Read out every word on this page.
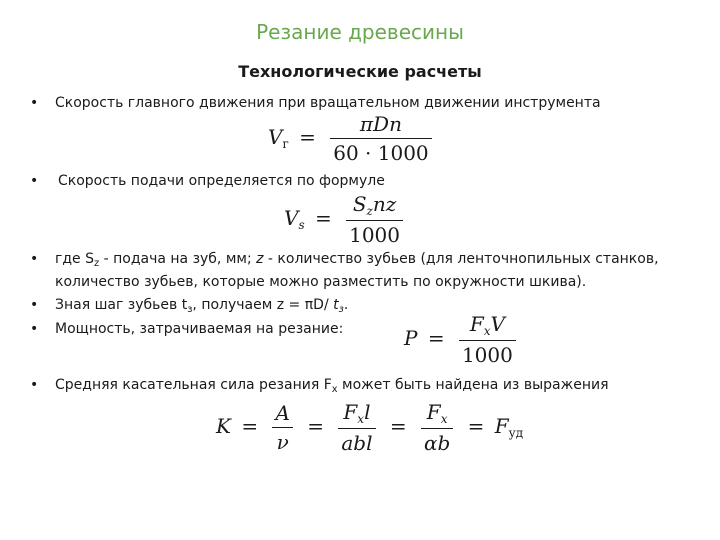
Резание древесины
Технологические расчеты
• Скорость главного движения при вращательном движении инструмента
$V_г = \frac{\text{πDn}}{60 \cdot 1000}$
• Скорость подачи определяется по формуле
$V_s = \frac{S_znz}{1000}$
• где $S_z$ - подача на зуб, мм; z - количество зубьев (для ленточнопильных станков,
количество зубьев, которые можно разместить по окружности шкива).
• Зная шаг зубьев $t_з$, получаем z = πD/ $t_з$.
• Мощность, затрачиваемая на резание:	$P = \frac{F_xV}{1000}$
• Средняя касательная сила резания $F_x$ может быть найдена из выражения
$K = \frac{A}{\nu} = \frac{F_xl}{\text{abl}} = \frac{F_x}{\alpha b} = F_{уд}$
